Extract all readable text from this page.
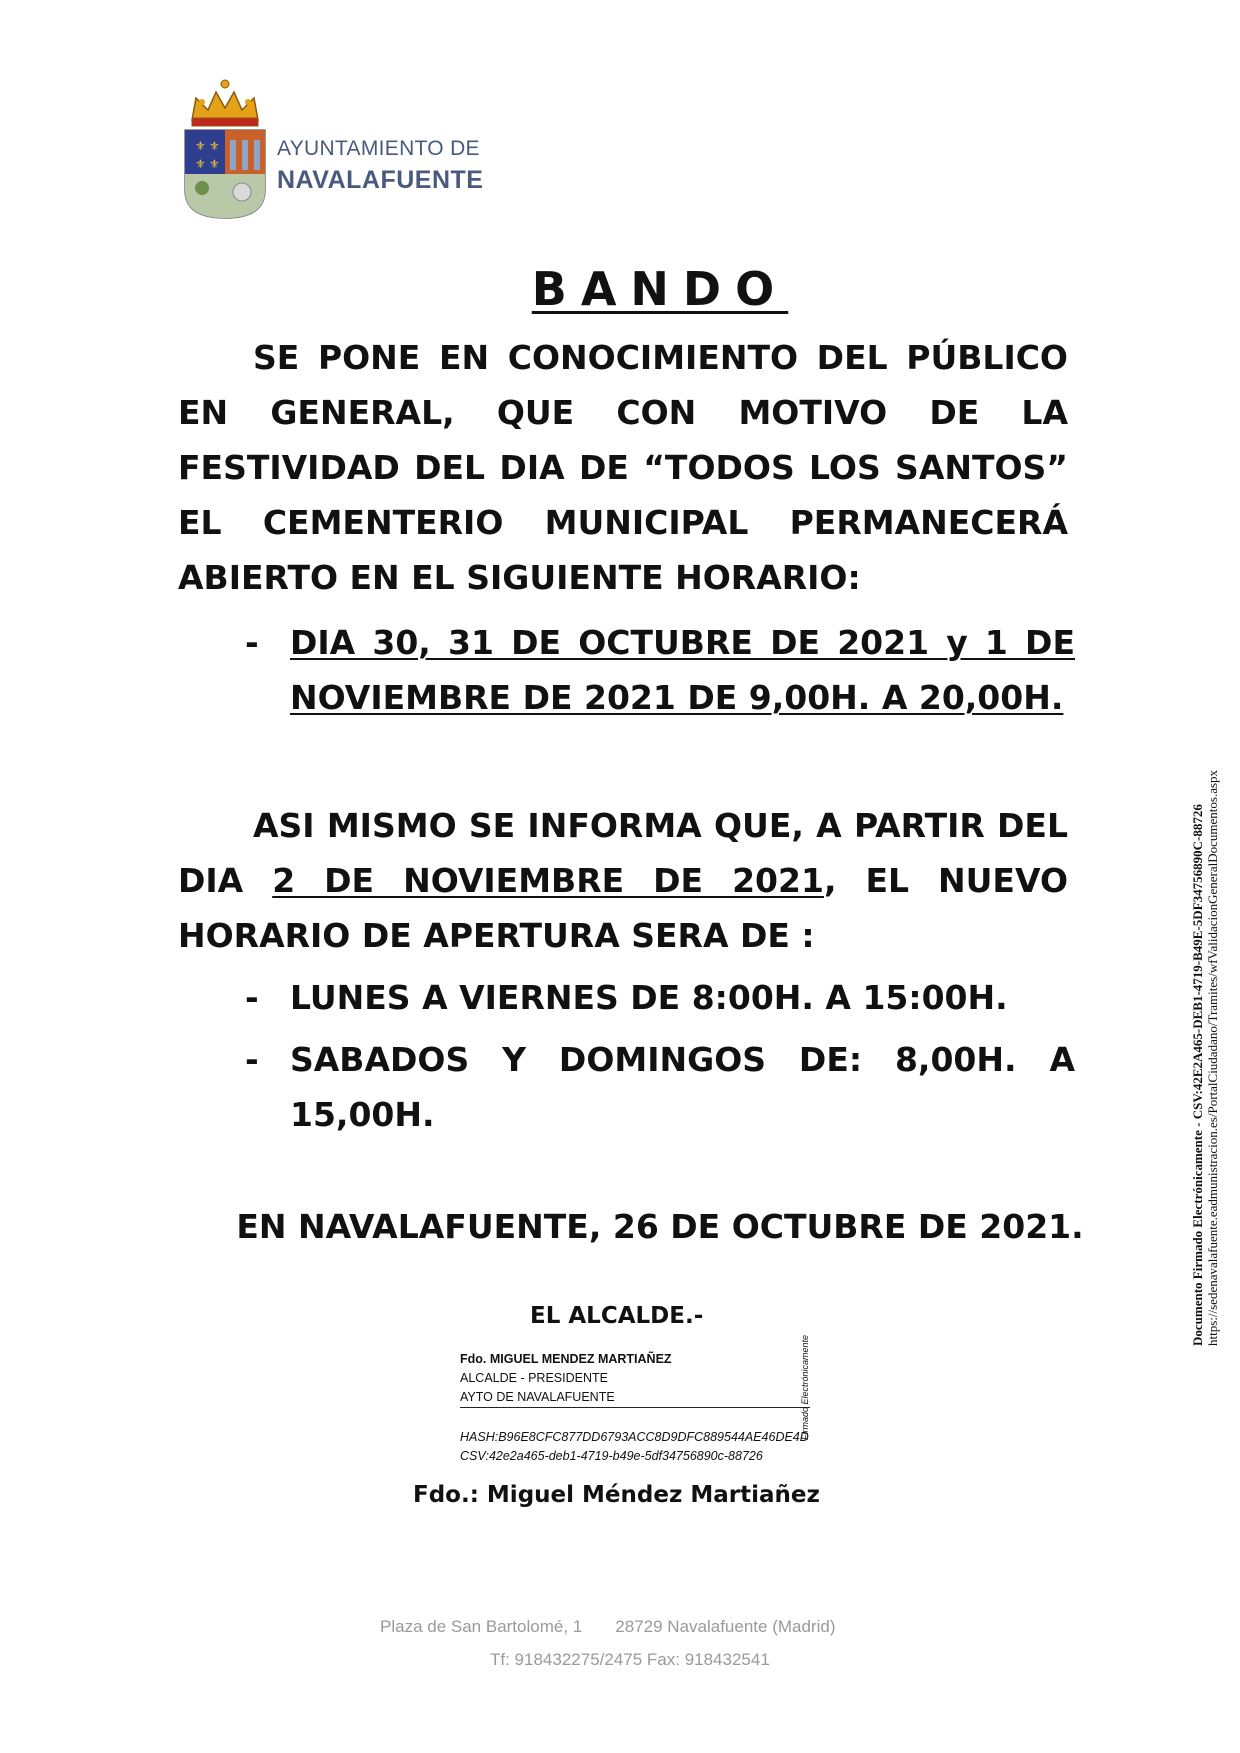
⚜ ⚜
⚜ ⚜
AYUNTAMIENTO DE
NAVALAFUENTE
BANDO

SE PONE EN CONOCIMIENTO DEL PÚBLICO EN GENERAL, QUE CON MOTIVO DE LA FESTIVIDAD DEL DIA DE “TODOS LOS SANTOS” EL CEMENTERIO MUNICIPAL PERMANECERÁ ABIERTO EN EL SIGUIENTE HORARIO:

- DIA 30, 31 DE OCTUBRE DE 2021 y 1 DE NOVIEMBRE DE 2021 DE 9,00H. A 20,00H.

ASI MISMO SE INFORMA QUE, A PARTIR DEL DIA 2 DE NOVIEMBRE DE 2021, EL NUEVO HORARIO DE APERTURA SERA DE :

- LUNES A VIERNES DE 8:00H. A 15:00H.
- SABADOS Y DOMINGOS DE: 8,00H. A 15,00H.
EN NAVALAFUENTE, 26 DE OCTUBRE DE 2021.
EL ALCALDE.-
Fdo. MIGUEL MENDEZ MARTIAÑEZ
ALCALDE - PRESIDENTE
AYTO DE NAVALAFUENTE
HASH:B96E8CFC877DD6793ACC8D9DFC889544AE46DE4D
CSV:42e2a465-deb1-4719-b49e-5df34756890c-88726
Firmado Electrónicamente
Fdo.: Miguel Méndez Martiañez
Plaza de San Bartolomé, 1       28729 Navalafuente (Madrid)
Tf: 918432275/2475 Fax: 918432541
Documento Firmado Electrónicamente - CSV:42E2A465-DEB1-4719-B49E-5DF34756890C-88726 https://sedenavalafuente.eadmunistracion.es/PortalCiudadano/Tramites/wfValidacionGeneralDocumentos.aspx
